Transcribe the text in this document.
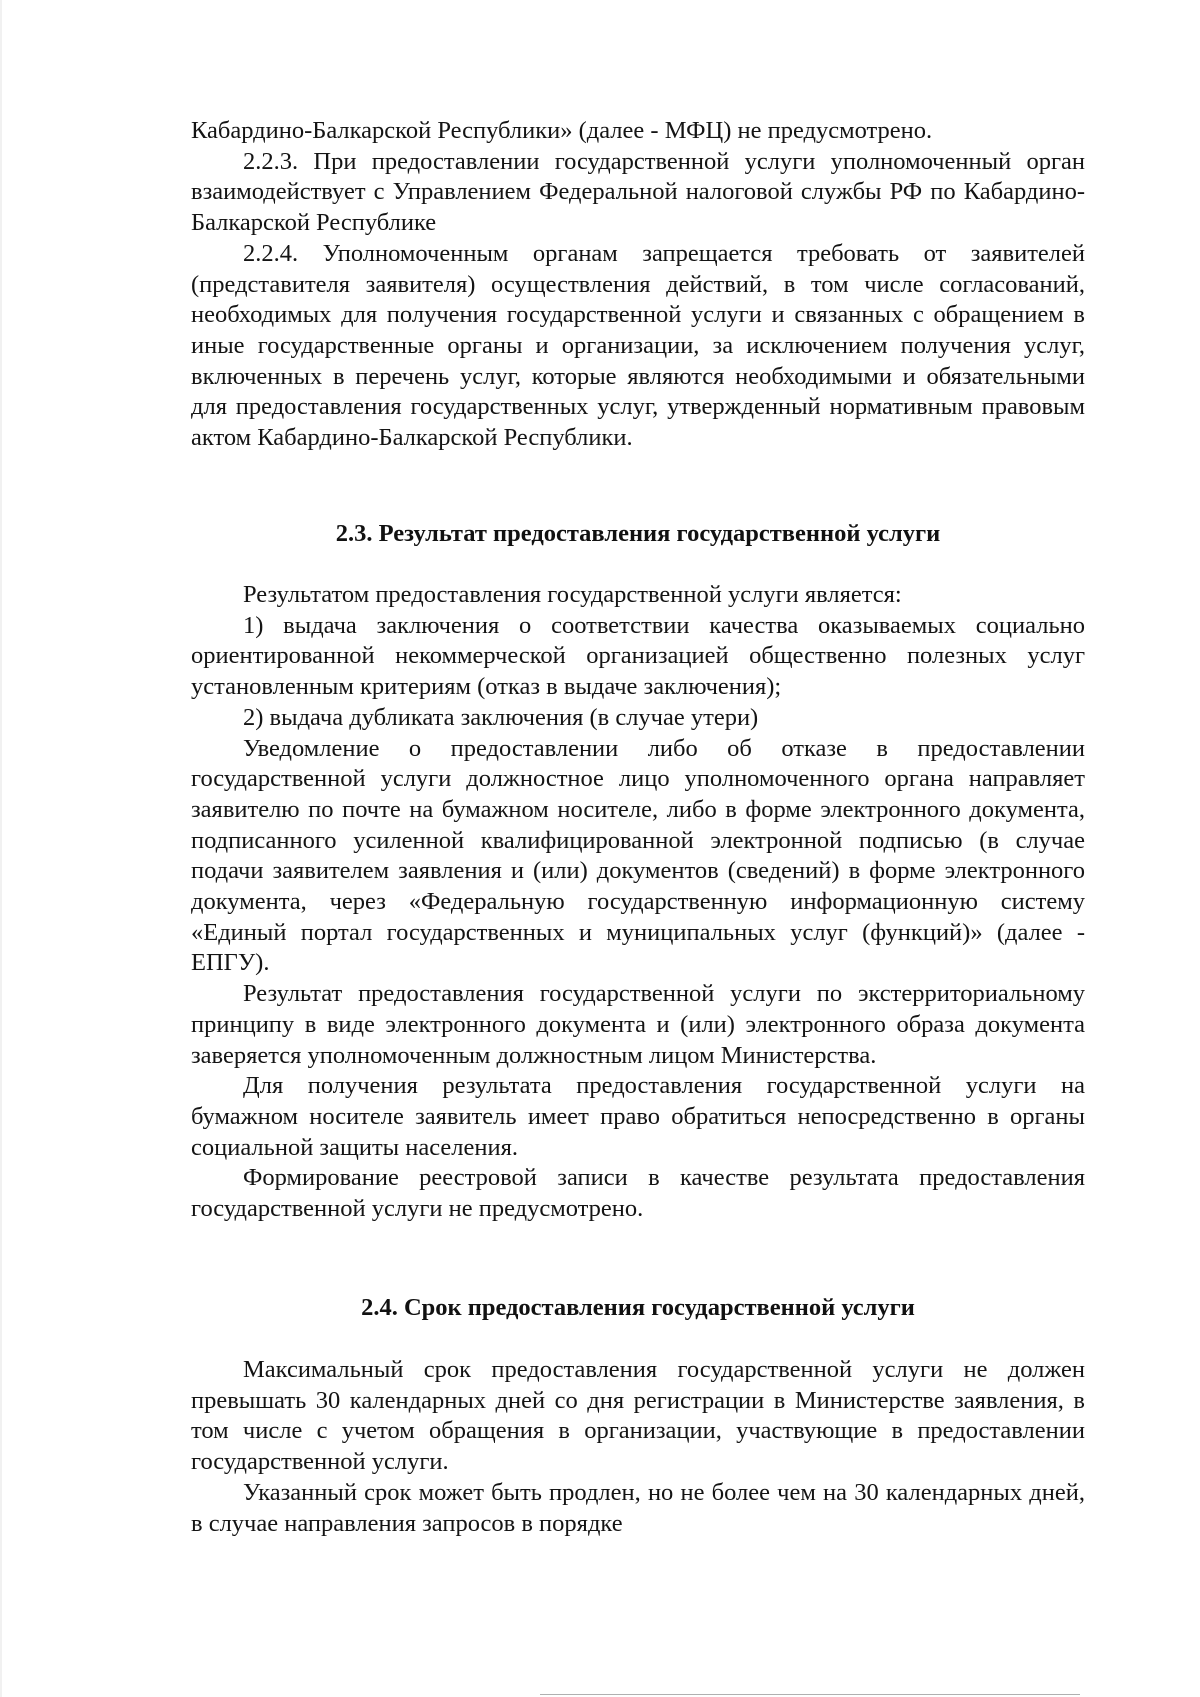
Кабардино-Балкарской Республики» (далее - МФЦ) не предусмотрено.

2.2.3. При предоставлении государственной услуги уполномоченный орган взаимодействует с Управлением Федеральной налоговой службы РФ по Кабардино-Балкарской Республике

2.2.4. Уполномоченным органам запрещается требовать от заявителей (представителя заявителя) осуществления действий, в том числе согласований, необходимых для получения государственной услуги и связанных с обращением в иные государственные органы и организации, за исключением получения услуг, включенных в перечень услуг, которые являются необходимыми и обязательными для предоставления государственных услуг, утвержденный нормативным правовым актом Кабардино-Балкарской Республики.

2.3. Результат предоставления государственной услуги

Результатом предоставления государственной услуги является:

1) выдача заключения о соответствии качества оказываемых социально ориентированной некоммерческой организацией общественно полезных услуг установленным критериям (отказ в выдаче заключения);

2) выдача дубликата заключения (в случае утери)

Уведомление о предоставлении либо об отказе в предоставлении государственной услуги должностное лицо уполномоченного органа направляет заявителю по почте на бумажном носителе, либо в форме электронного документа, подписанного усиленной квалифицированной электронной подписью (в случае подачи заявителем заявления и (или) документов (сведений) в форме электронного документа, через «Федеральную государственную информационную систему «Единый портал государственных и муниципальных услуг (функций)» (далее - ЕПГУ).

Результат предоставления государственной услуги по экстерриториальному принципу в виде электронного документа и (или) электронного образа документа заверяется уполномоченным должностным лицом Министерства.

Для получения результата предоставления государственной услуги на бумажном носителе заявитель имеет право обратиться непосредственно в органы социальной защиты населения.

Формирование реестровой записи в качестве результата предоставления государственной услуги не предусмотрено.

2.4. Срок предоставления государственной услуги

Максимальный срок предоставления государственной услуги не должен превышать 30 календарных дней со дня регистрации в Министерстве заявления, в том числе с учетом обращения в организации, участвующие в предоставлении государственной услуги.

Указанный срок может быть продлен, но не более чем на 30 календарных дней, в случае направления запросов в порядке
